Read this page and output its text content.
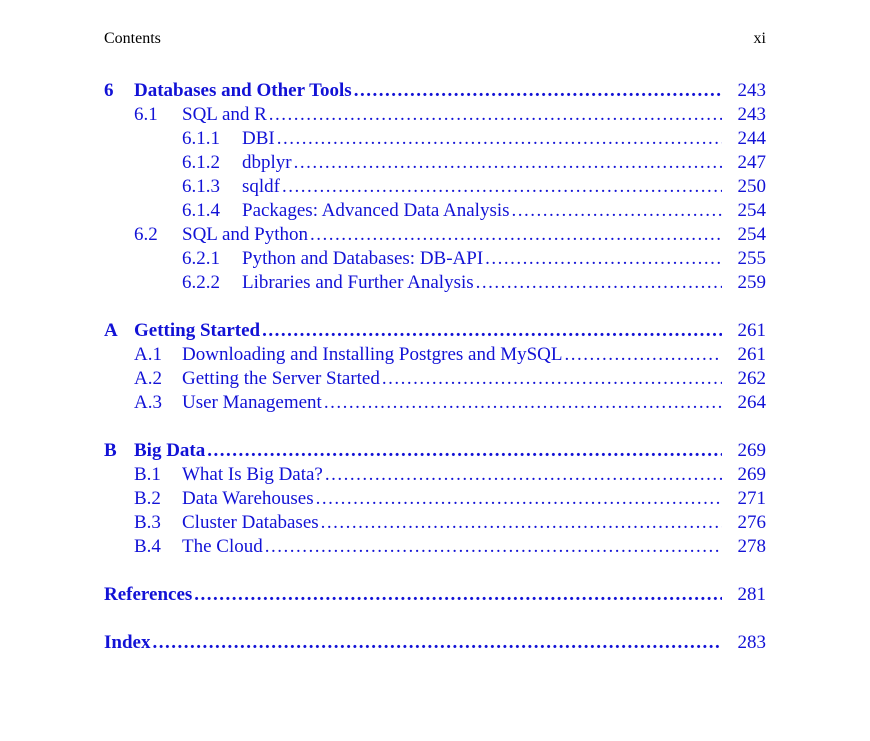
Contents	xi
6	Databases and Other Tools .....	243
6.1	SQL and R .....	243
6.1.1	DBI .....	244
6.1.2	dbplyr .....	247
6.1.3	sqldf .....	250
6.1.4	Packages: Advanced Data Analysis .....	254
6.2	SQL and Python .....	254
6.2.1	Python and Databases: DB-API .....	255
6.2.2	Libraries and Further Analysis .....	259
A Getting Started .....	261
A.1	Downloading and Installing Postgres and MySQL .....	261
A.2	Getting the Server Started .....	262
A.3	User Management .....	264
B Big Data .....	269
B.1	What Is Big Data? .....	269
B.2	Data Warehouses .....	271
B.3	Cluster Databases .....	276
B.4	The Cloud .....	278
References .....	281
Index .....	283
